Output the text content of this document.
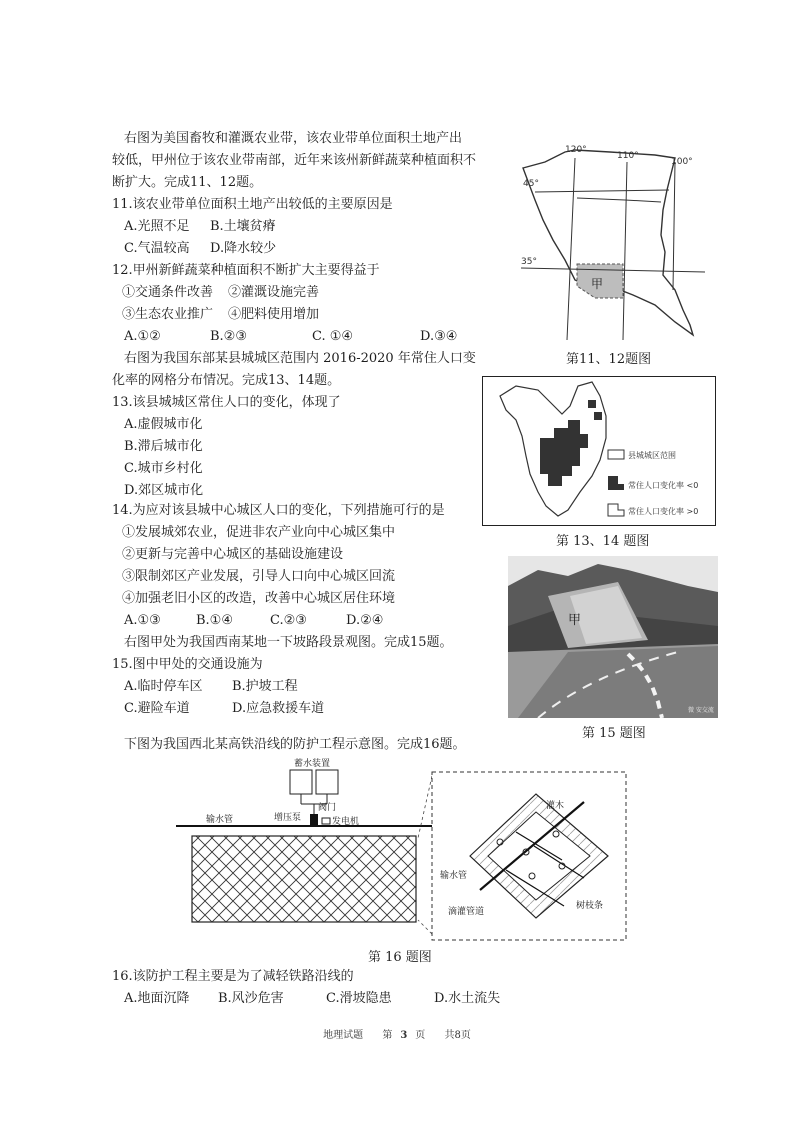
右图为美国畜牧和灌溉农业带，该农业带单位面积土地产出
较低，甲州位于该农业带南部，近年来该州新鲜蔬菜种植面积不
断扩大。完成11、12题。
11.该农业带单位面积土地产出较低的主要原因是
A.光照不足 B.土壤贫瘠
C.气温较高 D.降水较少
12.甲州新鲜蔬菜种植面积不断扩大主要得益于
①交通条件改善 ②灌溉设施完善
③生态农业推广 ④肥料使用增加
A.①②	B.②③	C. ①④	D.③④
右图为我国东部某县城城区范围内 2016-2020 年常住人口变
化率的网格分布情况。完成13、14题。
13.该县城城区常住人口的变化，体现了
A.虚假城市化
B.滞后城市化
C.城市乡村化
D.郊区城市化
14.为应对该县城中心城区人口的变化，下列措施可行的是
①发展城郊农业，促进非农产业向中心城区集中
②更新与完善中心城区的基础设施建设
③限制郊区产业发展，引导人口向中心城区回流
④加强老旧小区的改造，改善中心城区居住环境
A.①③	B.①④	C.②③	D.②④
右图甲处为我国西南某地一下坡路段景观图。完成15题。
15.图中甲处的交通设施为
A.临时停车区 B.护坡工程
C.避险车道	D.应急救援车道
下图为我国西北某高铁沿线的防护工程示意图。完成16题。
120°
110°
100°
45°
35°
甲
第11、12题图
县城城区范围
常住人口变化率 <0
常住人口变化率 >0
第 13、14 题图
甲
微 安交流
第 15 题图
蓄水装置
阀门
增压泵	发电机
输水管
灌木
输水管
滴灌管道
树枝条
第 16 题图
16.该防护工程主要是为了减轻铁路沿线的
A.地面沉降 B.风沙危害	C.滑坡隐患	D.水土流失
地理试题 第 3 页 共8页
